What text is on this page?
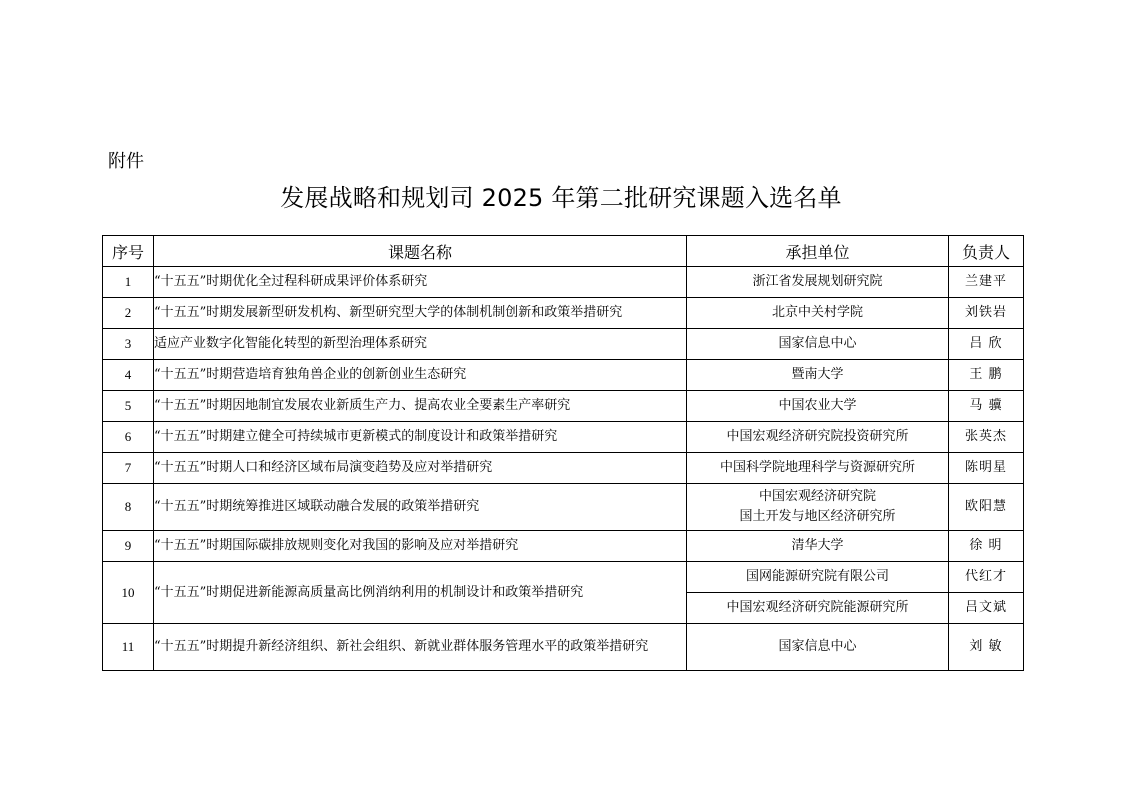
附件
发展战略和规划司 2025 年第二批研究课题入选名单
序号	课题名称	承担单位	负责人
1	“十五五”时期优化全过程科研成果评价体系研究	浙江省发展规划研究院	兰建平
2	“十五五”时期发展新型研发机构、新型研究型大学的体制机制创新和政策举措研究	北京中关村学院	刘铁岩
3	适应产业数字化智能化转型的新型治理体系研究	国家信息中心	吕 欣
4	“十五五”时期营造培育独角兽企业的创新创业生态研究	暨南大学	王 鹏
5	“十五五”时期因地制宜发展农业新质生产力、提高农业全要素生产率研究	中国农业大学	马 骥
6	“十五五”时期建立健全可持续城市更新模式的制度设计和政策举措研究	中国宏观经济研究院投资研究所	张英杰
7	“十五五”时期人口和经济区域布局演变趋势及应对举措研究	中国科学院地理科学与资源研究所	陈明星
8	“十五五”时期统筹推进区域联动融合发展的政策举措研究	中国宏观经济研究院
国土开发与地区经济研究所	欧阳慧
9	“十五五”时期国际碳排放规则变化对我国的影响及应对举措研究	清华大学	徐 明
10	“十五五”时期促进新能源高质量高比例消纳利用的机制设计和政策举措研究	国网能源研究院有限公司	代红才
		中国宏观经济研究院能源研究所	吕文斌
11	“十五五”时期提升新经济组织、新社会组织、新就业群体服务管理水平的政策举措研究	国家信息中心	刘 敏
